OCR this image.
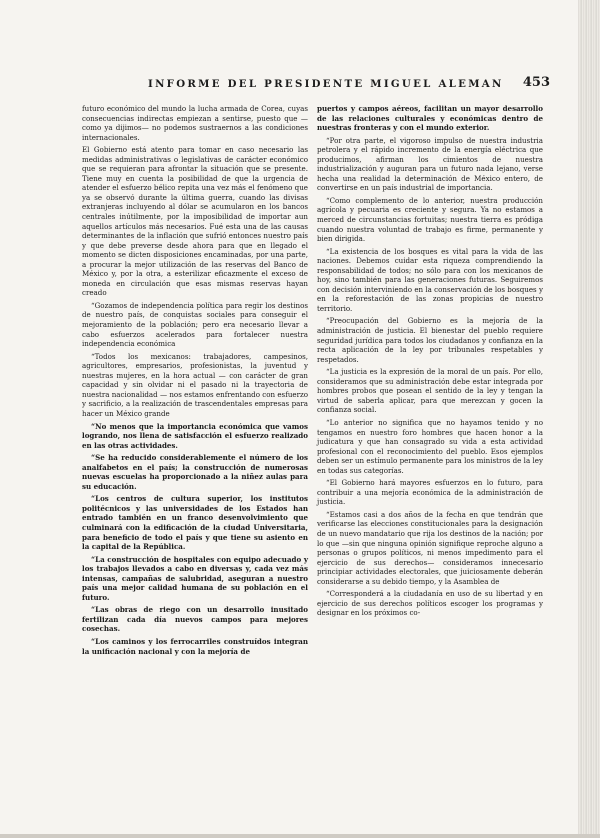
INFORME DEL PRESIDENTE MIGUEL ALEMAN 453

futuro económico del mundo la lucha armada de Corea, cuyas consecuencias indirectas empiezan a sentirse, puesto que —como ya dijimos— no podemos sustraernos a las condiciones internacionales.

El Gobierno está atento para tomar en caso necesario las medidas administrativas o legislativas de carácter económico que se requieran para afrontar la situación que se presente. Tiene muy en cuenta la posibilidad de que la urgencia de atender el esfuerzo bélico repita una vez más el fenómeno que ya se observó durante la última guerra, cuando las divisas extranjeras incluyendo al dólar se acumularon en los bancos centrales inútilmente, por la imposibilidad de importar aun aquellos artículos más necesarios. Fué esta una de las causas determinantes de la inflación que sufrió entonces nuestro país y que debe preverse desde ahora para que en llegado el momento se dicten disposiciones encaminadas, por una parte, a procurar la mejor utilización de las reservas del Banco de México y, por la otra, a esterilizar eficazmente el exceso de moneda en circulación que esas mismas reservas hayan creado

“Gozamos de independencia política para regir los destinos de nuestro país, de conquistas sociales para conseguir el mejoramiento de la población; pero era necesario llevar a cabo esfuerzos acelerados para fortalecer nuestra independencia económica

“Todos los mexicanos: trabajadores, campesinos, agricultores, empresarios, profesionistas, la juventud y nuestras mujeres, en la hora actual — con carácter de gran capacidad y sin olvidar ni el pasado ni la trayectoria de nuestra nacionalidad — nos estamos enfrentando con esfuerzo y sacrificio, a la realización de trascendentales empresas para hacer un México grande

“No menos que la importancia económica que vamos logrando, nos llena de satisfacción el esfuerzo realizado en las otras actividades.

“Se ha reducido considerablemente el número de los analfabetos en el país; la construcción de numerosas nuevas escuelas ha proporcionado a la niñez aulas para su educación.

“Los centros de cultura superior, los institutos politécnicos y las universidades de los Estados han entrado también en un franco desenvolvimiento que culminará con la edificación de la ciudad Universitaria, para beneficio de todo el país y que tiene su asiento en la capital de la República.

“La construcción de hospitales con equipo adecuado y los trabajos llevados a cabo en diversas y, cada vez más intensas, campañas de salubridad, aseguran a nuestro país una mejor calidad humana de su población en el futuro.

“Las obras de riego con un desarrollo inusitado fertilizan cada día nuevos campos para mejores cosechas.

“Los caminos y los ferrocarriles construídos integran la unificación nacional y con la mejoría de

puertos y campos aéreos, facilitan un mayor desarrollo de las relaciones culturales y económicas dentro de nuestras fronteras y con el mundo exterior.

“Por otra parte, el vigoroso impulso de nuestra industria petrolera y el rápido incremento de la energía eléctrica que producimos, afirman los cimientos de nuestra industrialización y auguran para un futuro nada lejano, verse hecha una realidad la determinación de México entero, de convertirse en un país industrial de importancia.

“Como complemento de lo anterior, nuestra producción agrícola y pecuaria es creciente y segura. Ya no estamos a merced de circunstancias fortuitas; nuestra tierra es pródiga cuando nuestra voluntad de trabajo es firme, permanente y bien dirigida.

“La existencia de los bosques es vital para la vida de las naciones. Debemos cuidar esta riqueza comprendiendo la responsabilidad de todos; no sólo para con los mexicanos de hoy, sino también para las generaciones futuras. Seguiremos con decisión interviniendo en la conservación de los bosques y en la reforestación de las zonas propicias de nuestro territorio.

“Preocupación del Gobierno es la mejoría de la administración de justicia. El bienestar del pueblo requiere seguridad jurídica para todos los ciudadanos y confianza en la recta aplicación de la ley por tribunales respetables y respetados.

“La justicia es la expresión de la moral de un país. Por ello, consideramos que su administración debe estar integrada por hombres probos que posean el sentido de la ley y tengan la virtud de saberla aplicar, para que merezcan y gocen la confianza social.

“Lo anterior no significa que no hayamos tenido y no tengamos en nuestro foro hombres que hacen honor a la judicatura y que han consagrado su vida a esta actividad profesional con el reconocimiento del pueblo. Esos ejemplos deben ser un estímulo permanente para los ministros de la ley en todas sus categorías.

“El Gobierno hará mayores esfuerzos en lo futuro, para contribuir a una mejoría económica de la administración de justicia.

“Estamos casi a dos años de la fecha en que tendrán que verificarse las elecciones constitucionales para la designación de un nuevo mandatario que rija los destinos de la nación; por lo que —sin que ninguna opinión signifique reproche alguno a personas o grupos políticos, ni menos impedimento para el ejercicio de sus derechos— consideramos innecesario principiar actividades electorales, que juiciosamente deberán considerarse a su debido tiempo, y la Asamblea de

“Corresponderá a la ciudadanía en uso de su libertad y en ejercicio de sus derechos políticos escoger los programas y designar en los próximos co-
